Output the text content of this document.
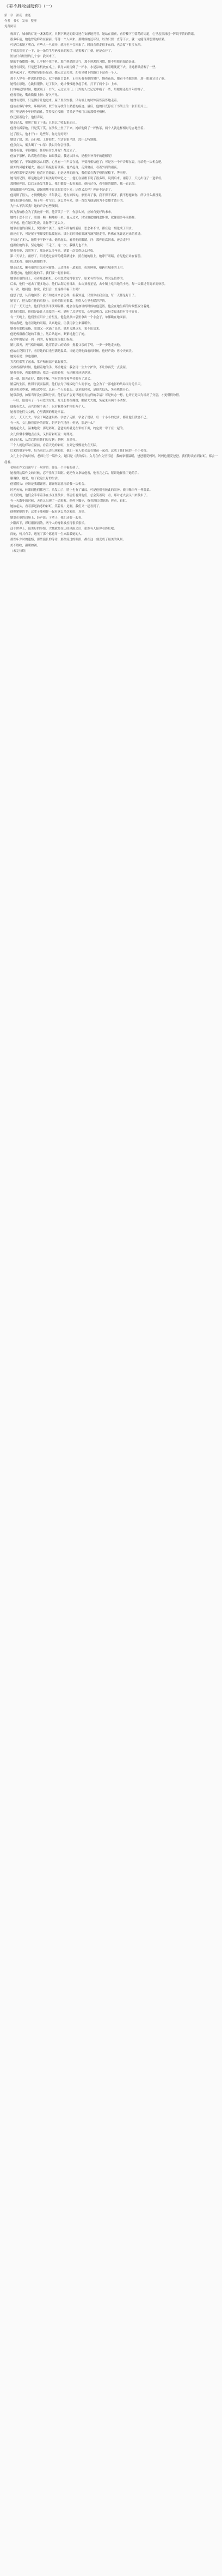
《美不胜收温暖你》（一）

第一章　深夜　重逢

作者　书名　发布　整理

免费阅读

夜深了，城市的灯光一盏盏熄灭，只剩下路边的街灯还在安静地亮着。她站在窗前，看着楼下空荡荡的街道，心里忽然涌起一阵说不清的情绪。

很多年前，她也曾这样站在窗前，等待一个人回来。那时候她还年轻，以为只要一直等下去，就一定能等到想要的结果。

可是后来她才明白，有些人一旦离开，就再也不会回来了。时间会带走很多东西，也会留下很多东西。

手机忽然亮了一下，是一条陌生号码发来的短信。她犹豫了片刻，还是点开了。

短信只有短短的几个字：我回来了。

她的手指微微一颤，几乎握不住手机。那个熟悉的语气，那个熟悉的习惯，她不用猜也知道是谁。

她没有回复，只是把手机放在桌上，转身去厨房倒了一杯水。水是凉的，顺着喉咙流下去，让她稍微清醒了一些。

窗外起风了，吹得窗帘轻轻晃动。她走过去关窗，却看见楼下的路灯下站着一个人。

那个人穿着一件深色的外套，双手插在口袋里，正抬头看着她的窗户。隔着夜色，她看不清他的脸，却一眼就认出了他。

她愣在原地，心跳得很快。过了很久，她才慢慢地拿起手机，打下了两个字：上来。

门铃响起的时候，她深吸了一口气，走过去开门。门外的人比记忆中瘦了一些，眉眼却还是当年的样子。

他看着她，嘴角微微上扬：好久不见。

她没有说话，只是侧身让他进来。屋子里很安静，只有墙上的时钟滴答滴答地走着。

他站在客厅中央，环顾四周，似乎在寻找什么熟悉的痕迹。最后，他的目光停在了书架上的一张旧照片上。

照片里是两个年轻的面孔，笑得没心没肺，背景是学校门口的那棵老槐树。

你还留着这个。他轻声说。

她走过去，把照片扣了下来：只是忘了收起来而已。

他没有拆穿她，只是笑了笑，在沙发上坐了下来。她给他倒了一杯热茶，两个人就这样相对无言地坐着。

过了很久，他才开口：这些年，你过得好吗？

她想了想，说：还行吧。工作很忙，生活也很平淡，没什么特别的。

他点点头，低头喝了一口茶：我以为你会怪我。

她看着他，平静地说：怪你有什么用呢？都过去了。

他放下茶杯，认真地看着她：如果我说，我这次回来，是想弥补当年的遗憾呢？

她愣住了，不知道该怎么回答。心里有一个声音在说，不要再相信他了；可是另一个声音却在说，再给他一次机会吧。

窗外的风越来越大，雨点开始敲打着玻璃。他站起身，走到窗前，看着外面的雨夜。

还记得那年夏天吗？他背对着她说，也是这样的雨夜，我们躲在教学楼的屋檐下，等雨停。

她当然记得。那是她这辈子最美好的回忆之一。他们在屋檐下说了很多话，说到后来，雨停了，天边出现了一道彩虹。

那时候你说，以后无论发生什么，我们都要一起看彩虹。他转过身，看着她的眼睛，我一直记得。

她的眼眶有些发热，却倔强地不肯让眼泪掉下来：记得又怎样？你还不是走了。

他沉默了很久，才慢慢地说：当年我走，是有原因的。家里出了事，我不得不离开。我不想拖累你，所以什么都没说。

她怔怔地看着他，脑子里一片空白。这么多年来，她一直以为他是因为不爱她才离开的。

为什么不告诉我？她的声音有些哽咽。

因为我怕你会为了我放弃一切。他苦笑了一下，你那么好，应该有更好的未来。

她终于忍不住了，眼泪一颗一颗地掉下来。他走过来，轻轻地把她拥进怀里，就像很多年前那样。

对不起，他在她耳边说，让你等了这么久。

她靠在他的肩膀上，哭得像个孩子。这些年所有的委屈、思念和不甘，都在这一刻化成了泪水。

雨还在下，可是屋子里却变得温暖起来。墙上的时钟依旧滴答滴答地走着，仿佛在见证这迟来的重逢。

不知过了多久，她终于平静下来。她抬起头，看着他的眼睛，问：那你这次回来，还会走吗？

他握住她的手，坚定地说：不走了。这一次，我哪儿也不去。

她看着他，忽然笑了。那是这么多年来，她第一次笑得这么轻松。

第二天早上，雨停了。阳光透过窗帘的缝隙洒进来，照在她的脸上。她睁开眼睛，看见他正站在窗前。

快过来看。他回头朝她招手。

她走过去，顺着他的目光看向窗外。天边挂着一道彩虹，色彩鲜艳，横跨在城市的上空。

我说过的，他握住她的手，我们要一起看彩虹。

她靠在他的肩上，看着那道彩虹，心里忽然觉得很安宁。原来有些等待，终究是值得的。

后来，他们一起去了很多地方。他们去海边看日出，去山顶看星星，去小镇上吃当地的小吃。每一天都过得简单而快乐。

有一次，她问他：你说，我们会一直这样幸福下去吗？

他想了想，认真地回答：我不知道未来会怎样，但我知道，只要你在我身边，每一天都是好日子。

她笑了，把头靠在他的肩膀上。窗外的阳光很暖，照得人心里也暖洋洋的。

日子一天天过去，他们的生活平淡却温馨。她会在他加班的时候给他送饭，他会在她生病的时候整夜守着她。

朋友们都说，他们是最让人羡慕的一对。她听了总是笑笑，心里却明白，这份幸福来得有多不容易。

有一天晚上，他们坐在阳台上看星星。他忽然从口袋里拿出一个小盒子，单膝跪在她面前。

嫁给我吧。他看着她的眼睛，认真地说，让我用余生来温暖你。

她看着那枚戒指，眼泪又一次涌了出来。她用力地点头，说不出话来。

他把戒指戴在她的手指上，然后站起来，紧紧地抱住了她。

夜空中的星星一闪一闪的，好像也在为他们祝福。

婚礼那天，天气格外晴朗。她穿着洁白的婚纱，挽着父亲的手臂，一步一步地走向他。

他站在花拱门下，看着她的目光里满是温柔。当她走到他面前的时候，他轻声说：你今天真美。

她笑着说：你也很帅。

宾客们都笑了起来，掌声和祝福声此起彼伏。

交换戒指的时候，他握着她的手，郑重地说：我会用一生去守护你，不让你再受一点委屈。

她看着他，也郑重地说：我会一直陪着你，无论顺境还是逆境。

那一刻，阳光正好，微风不燥，所有的等待和坚持都有了意义。

婚后的生活，依旧平淡而温暖。他们会为了晚饭吃什么而争论，也会为了一部电影的结局而讨论半天。

偶尔也会吵架，但每次吵完，总有一个人先低头。更多的时候，是他先低头，笑着哄她开心。

她常常想，如果当年没有那场分别，他们会不会更早地拥有这样的幸福？可是转念一想，也许正是因为经历了分别，才更懂得珍惜。

一年后，他们有了一个可爱的女儿。女儿长得很像她，眼睛大大的，笑起来有两个小酒窝。

他抱着女儿，高兴得像个孩子：以后我要保护你们两个人。

她看着他们父女俩，心里满满的都是幸福。

女儿一天天长大，学会了叫爸爸妈妈，学会了走路，学会了说话。每一个小小的进步，都让他们欣喜不已。

有一天，女儿指着窗外的彩虹，奶声奶气地问：妈妈，那是什么？

她抱起女儿，温柔地说：那是彩虹。爸爸妈妈就是在彩虹下面，约定要一辈子在一起的。

女儿似懂非懂地点点头，又指着彩虹说：好漂亮。

他走过来，从背后抱住她们母女俩：是啊，真漂亮。

三个人就这样站在窗前，看着天边的彩虹，直到它慢慢消失在天际。

后来的很多年里，每当雨后天边出现彩虹，他们一家人都会站在窗前一起看。这成了他们家的一个小传统。

女儿上小学的时候，老师让写一篇作文，题目是《我的家》。女儿在作文里写道：我的家很温暖，爸爸很爱妈妈，妈妈也很爱爸爸。我们每次看到彩虹，都会一起看。

老师在作文后面写了一句评语：你是一个幸福的孩子。

她看到这篇作文的时候，忍不住红了眼眶。她把作文拿给他看，他看完之后，紧紧地握住了她的手。

谢谢你，她说，给了我这么好的生活。

他摇摇头：应该是我谢谢你，谢谢你愿意再给我一次机会。

时光匆匆，转眼间他们都老了。头发白了，脸上也有了皱纹，可是他们看彼此的眼神，依旧像当年一样温柔。

每天傍晚，他们会手牵着手在小区里散步。邻居们看到他们，总会笑着说：看，那对老夫妻又出来散步了。

有一天散步的时候，天边又出现了一道彩虹。他停下脚步，指着彩虹对她说：你看，彩虹。

她抬起头，看着那道熟悉的彩虹，笑着说：是啊，我们又一起看到了。

他握紧她的手：这辈子能和你一起看这么多次彩虹，真好。

她靠在他的肩膀上，轻声说：下辈子，我们还要一起看。

夕阳西下，彩虹渐渐消散，两个人的身影被拉得很长很长。

这个世界上，最美好的事情，大概就是在历经风雨之后，依然有人陪你看彩虹吧。

而她，何其有幸，遇见了那个愿意用一生来温暖她的人。

那些年少时的遗憾，那些漫长的等待，那些流过的眼泪，都在这一刻变成了最美的风景。

美不胜收，温暖如初。

（未完待续）
